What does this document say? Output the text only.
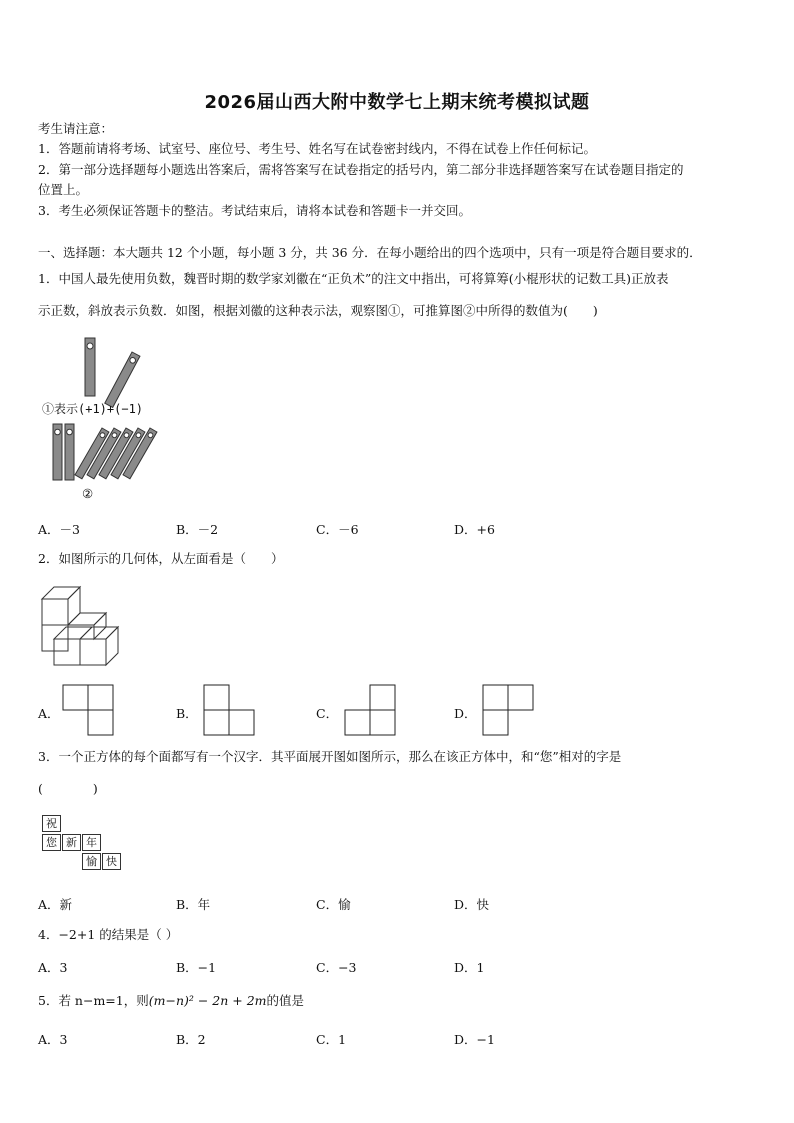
2026届山西大附中数学七上期末统考模拟试题
考生请注意：
1．答题前请将考场、试室号、座位号、考生号、姓名写在试卷密封线内，不得在试卷上作任何标记。
2．第一部分选择题每小题选出答案后，需将答案写在试卷指定的括号内，第二部分非选择题答案写在试卷题目指定的
位置上。
3．考生必须保证答题卡的整洁。考试结束后，请将本试卷和答题卡一并交回。
一、选择题：本大题共 12 个小题，每小题 3 分，共 36 分．在每小题给出的四个选项中，只有一项是符合题目要求的．
1．中国人最先使用负数，魏晋时期的数学家刘徽在“正负术”的注文中指出，可将算筹(小棍形状的记数工具)正放表
示正数，斜放表示负数．如图，根据刘徽的这种表示法，观察图①，可推算图②中所得的数值为(　　)
①表示(+1)+(−1)
②
A．－3	B．－2	C．－6	D．+6
2．如图所示的几何体，从左面看是（　　）
A．	B．	C．	D．
3．一个正方体的每个面都写有一个汉字．其平面展开图如图所示，那么在该正方体中，和“您”相对的字是
(　　　　)
祝
您 新 年
愉 快
A．新	B．年	C．愉	D．快
4．−2+1 的结果是（ ）
A．3	B．−1	C．−3	D．1
5．若 n−m=1，则(m−n)² − 2n + 2m的值是
A．3	B．2	C．1	D．−1
